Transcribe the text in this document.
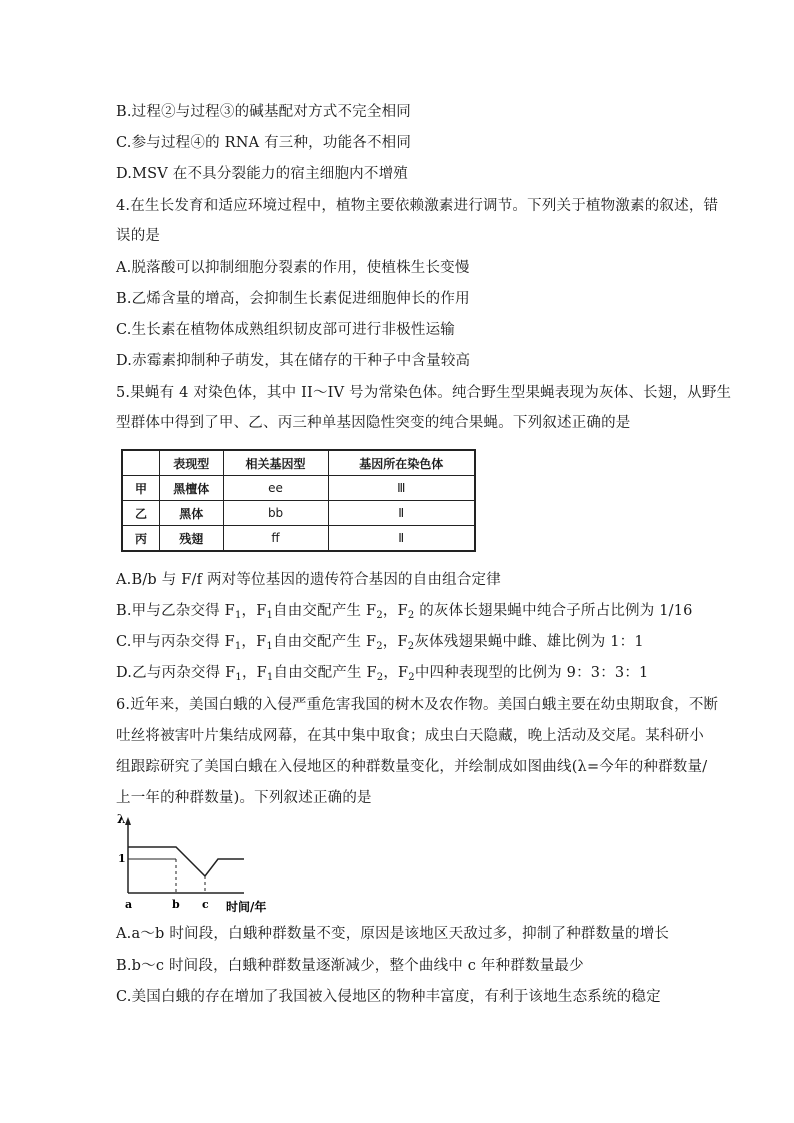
B.过程②与过程③的碱基配对方式不完全相同
C.参与过程④的 RNA 有三种，功能各不相同
D.MSV 在不具分裂能力的宿主细胞内不增殖
4.在生长发育和适应环境过程中，植物主要依赖激素进行调节。下列关于植物激素的叙述，错
误的是
A.脱落酸可以抑制细胞分裂素的作用，使植株生长变慢
B.乙烯含量的增高，会抑制生长素促进细胞伸长的作用
C.生长素在植物体成熟组织韧皮部可进行非极性运输
D.赤霉素抑制种子萌发，其在储存的干种子中含量较高
5.果蝇有 4 对染色体，其中 II～IV 号为常染色体。纯合野生型果蝇表现为灰体、长翅，从野生
型群体中得到了甲、乙、丙三种单基因隐性突变的纯合果蝇。下列叙述正确的是
	表现型	相关基因型	基因所在染色体
甲	黑檀体	ee	Ⅲ
乙	黑体	bb	Ⅱ
丙	残翅	ff	Ⅱ
A.B/b 与 F/f 两对等位基因的遗传符合基因的自由组合定律
B.甲与乙杂交得 $F_1$，$F_1$自由交配产生 $F_2$，$F_2$ 的灰体长翅果蝇中纯合子所占比例为 1/16
C.甲与丙杂交得 $F_1$，$F_1$自由交配产生 $F_2$，$F_2$灰体残翅果蝇中雌、雄比例为 1：1
D.乙与丙杂交得 $F_1$，$F_1$自由交配产生 $F_2$，$F_2$中四种表现型的比例为 9：3：3：1
6.近年来，美国白蛾的入侵严重危害我国的树木及农作物。美国白蛾主要在幼虫期取食，不断
吐丝将被害叶片集结成网幕，在其中集中取食；成虫白天隐藏，晚上活动及交尾。某科研小
组跟踪研究了美国白蛾在入侵地区的种群数量变化，并绘制成如图曲线(λ=今年的种群数量/
上一年的种群数量)。下列叙述正确的是
λ
1
a	b c 时间/年
A.a～b 时间段，白蛾种群数量不变，原因是该地区天敌过多，抑制了种群数量的增长
B.b～c 时间段，白蛾种群数量逐渐减少，整个曲线中 c 年种群数量最少
C.美国白蛾的存在增加了我国被入侵地区的物种丰富度，有利于该地生态系统的稳定
